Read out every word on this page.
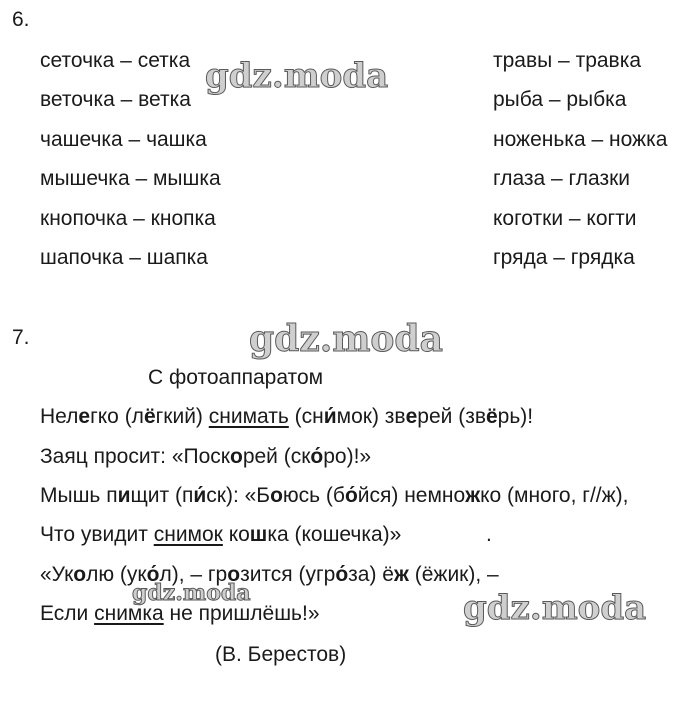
6.
сеточка – сетка
веточка – ветка
чашечка – чашка
мышечка – мышка
кнопочка – кнопка
шапочка – шапка
травы – травка
рыба – рыбка
ноженька – ножка
глаза – глазки
коготки – когти
гряда – грядка
7.
С фотоаппаратом
Нелегко (лёгкий) снимать (сни́мок) зверей (звёрь)!
Заяц просит: «Поскорей (ско́ро)!»
Мышь пищит (пи́ск): «Боюсь (бо́йся) немножко (много, г//ж),
Что увидит снимок кошка (кошечка)»
«Уколю (уко́л), – грозится (угро́за) ёж (ёжик), –
Если снимка не пришлёшь!»
.
(В. Берестов)
gdz.moda
gdz.moda
gdz.moda	gdz.moda
